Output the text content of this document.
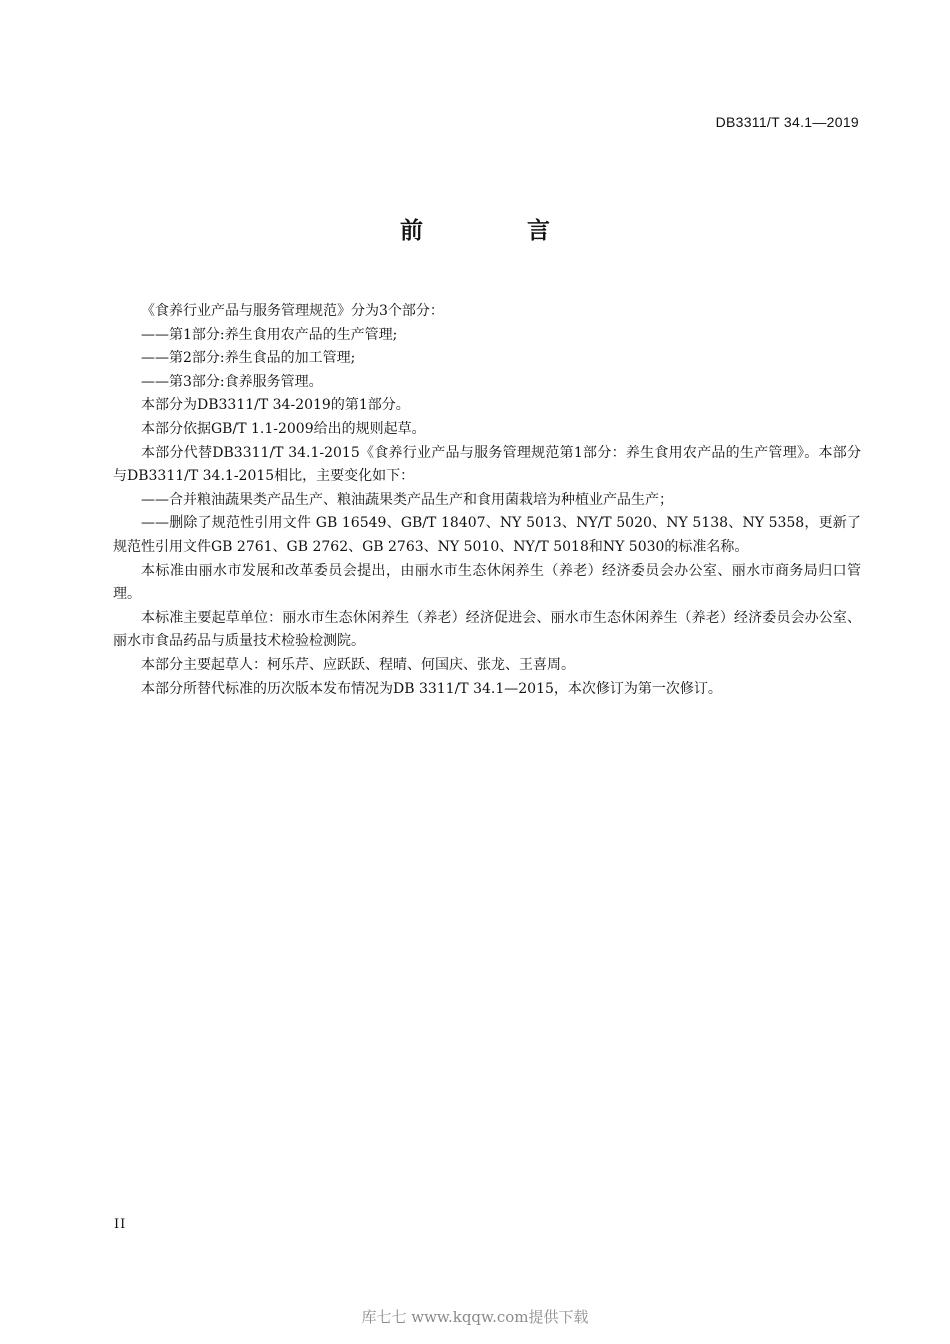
DB3311/T 34.1—2019
前 言

《食养行业产品与服务管理规范》分为3个部分：

——第1部分:养生食用农产品的生产管理;

——第2部分:养生食品的加工管理;

——第3部分:食养服务管理。

本部分为DB3311/T 34-2019的第1部分。

本部分依据GB/T 1.1-2009给出的规则起草。

本部分代替DB3311/T 34.1-2015《食养行业产品与服务管理规范第1部分：养生食用农产品的生产管理》。本部分与DB3311/T 34.1-2015相比，主要变化如下：

——合并粮油蔬果类产品生产、粮油蔬果类产品生产和食用菌栽培为种植业产品生产；

——删除了规范性引用文件 GB 16549、GB/T 18407、NY 5013、NY/T 5020、NY 5138、NY 5358，更新了规范性引用文件GB 2761、GB 2762、GB 2763、NY 5010、NY/T 5018和NY 5030的标准名称。

本标准由丽水市发展和改革委员会提出，由丽水市生态休闲养生（养老）经济委员会办公室、丽水市商务局归口管理。

本标准主要起草单位：丽水市生态休闲养生（养老）经济促进会、丽水市生态休闲养生（养老）经济委员会办公室、丽水市食品药品与质量技术检验检测院。

本部分主要起草人：柯乐芹、应跃跃、程晴、何国庆、张龙、王喜周。

本部分所替代标准的历次版本发布情况为DB 3311/T 34.1—2015，本次修订为第一次修订。

II
库七七 www.kqqw.com提供下载
